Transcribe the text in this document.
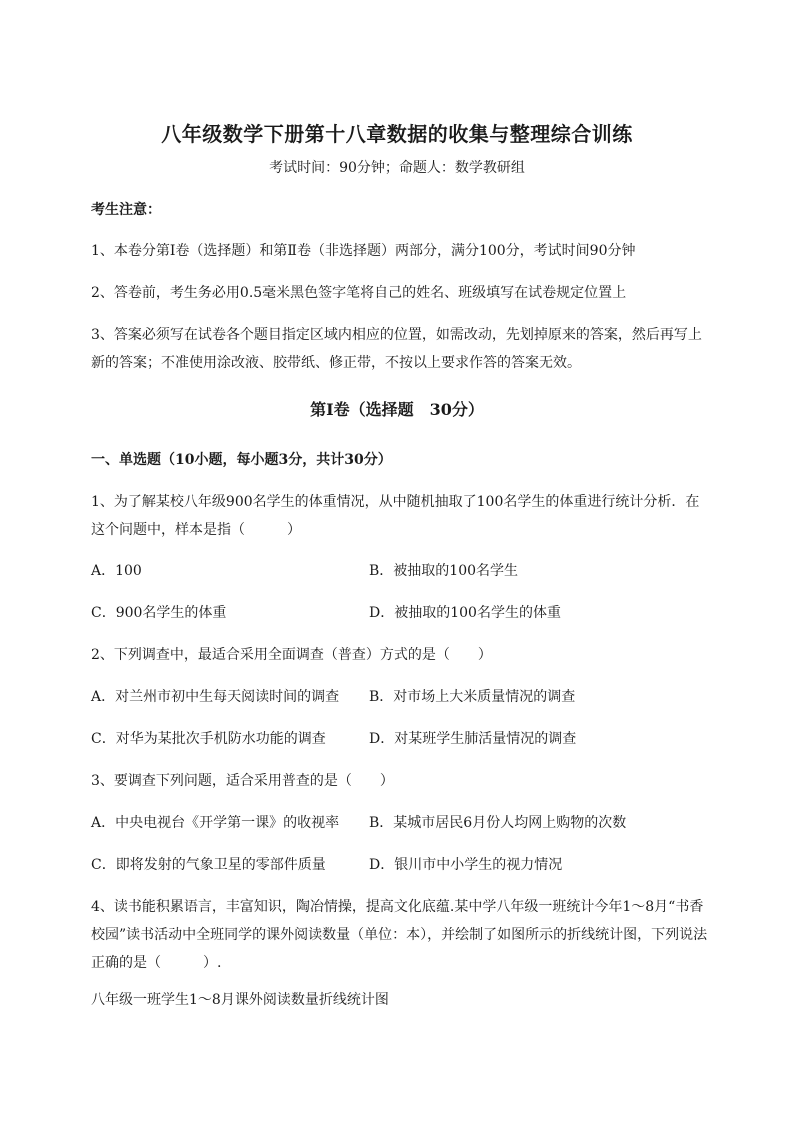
八年级数学下册第十八章数据的收集与整理综合训练
考试时间：90分钟；命题人：数学教研组
考生注意：
1、本卷分第I卷（选择题）和第Ⅱ卷（非选择题）两部分，满分100分，考试时间90分钟
2、答卷前，考生务必用0.5毫米黑色签字笔将自己的姓名、班级填写在试卷规定位置上
3、答案必须写在试卷各个题目指定区域内相应的位置，如需改动，先划掉原来的答案，然后再写上新的答案；不准使用涂改液、胶带纸、修正带，不按以上要求作答的答案无效。
第I卷（选择题　30分）
一、单选题（10小题，每小题3分，共计30分）
1、为了解某校八年级900名学生的体重情况，从中随机抽取了100名学生的体重进行统计分析．在这个问题中，样本是指（　　　）
A．100	B．被抽取的100名学生
C．900名学生的体重	D．被抽取的100名学生的体重
2、下列调查中，最适合采用全面调查（普查）方式的是（　　）
A．对兰州市初中生每天阅读时间的调查 B．对市场上大米质量情况的调查
C．对华为某批次手机防水功能的调查	D．对某班学生肺活量情况的调查
3、要调查下列问题，适合采用普查的是（　　）
A．中央电视台《开学第一课》的收视率 B．某城市居民6月份人均网上购物的次数
C．即将发射的气象卫星的零部件质量	D．银川市中小学生的视力情况
4、读书能积累语言，丰富知识，陶冶情操，提高文化底蕴.某中学八年级一班统计今年1～8月“书香校园”读书活动中全班同学的课外阅读数量（单位：本），并绘制了如图所示的折线统计图，下列说法正确的是（　　　）.
八年级一班学生1～8月课外阅读数量折线统计图
